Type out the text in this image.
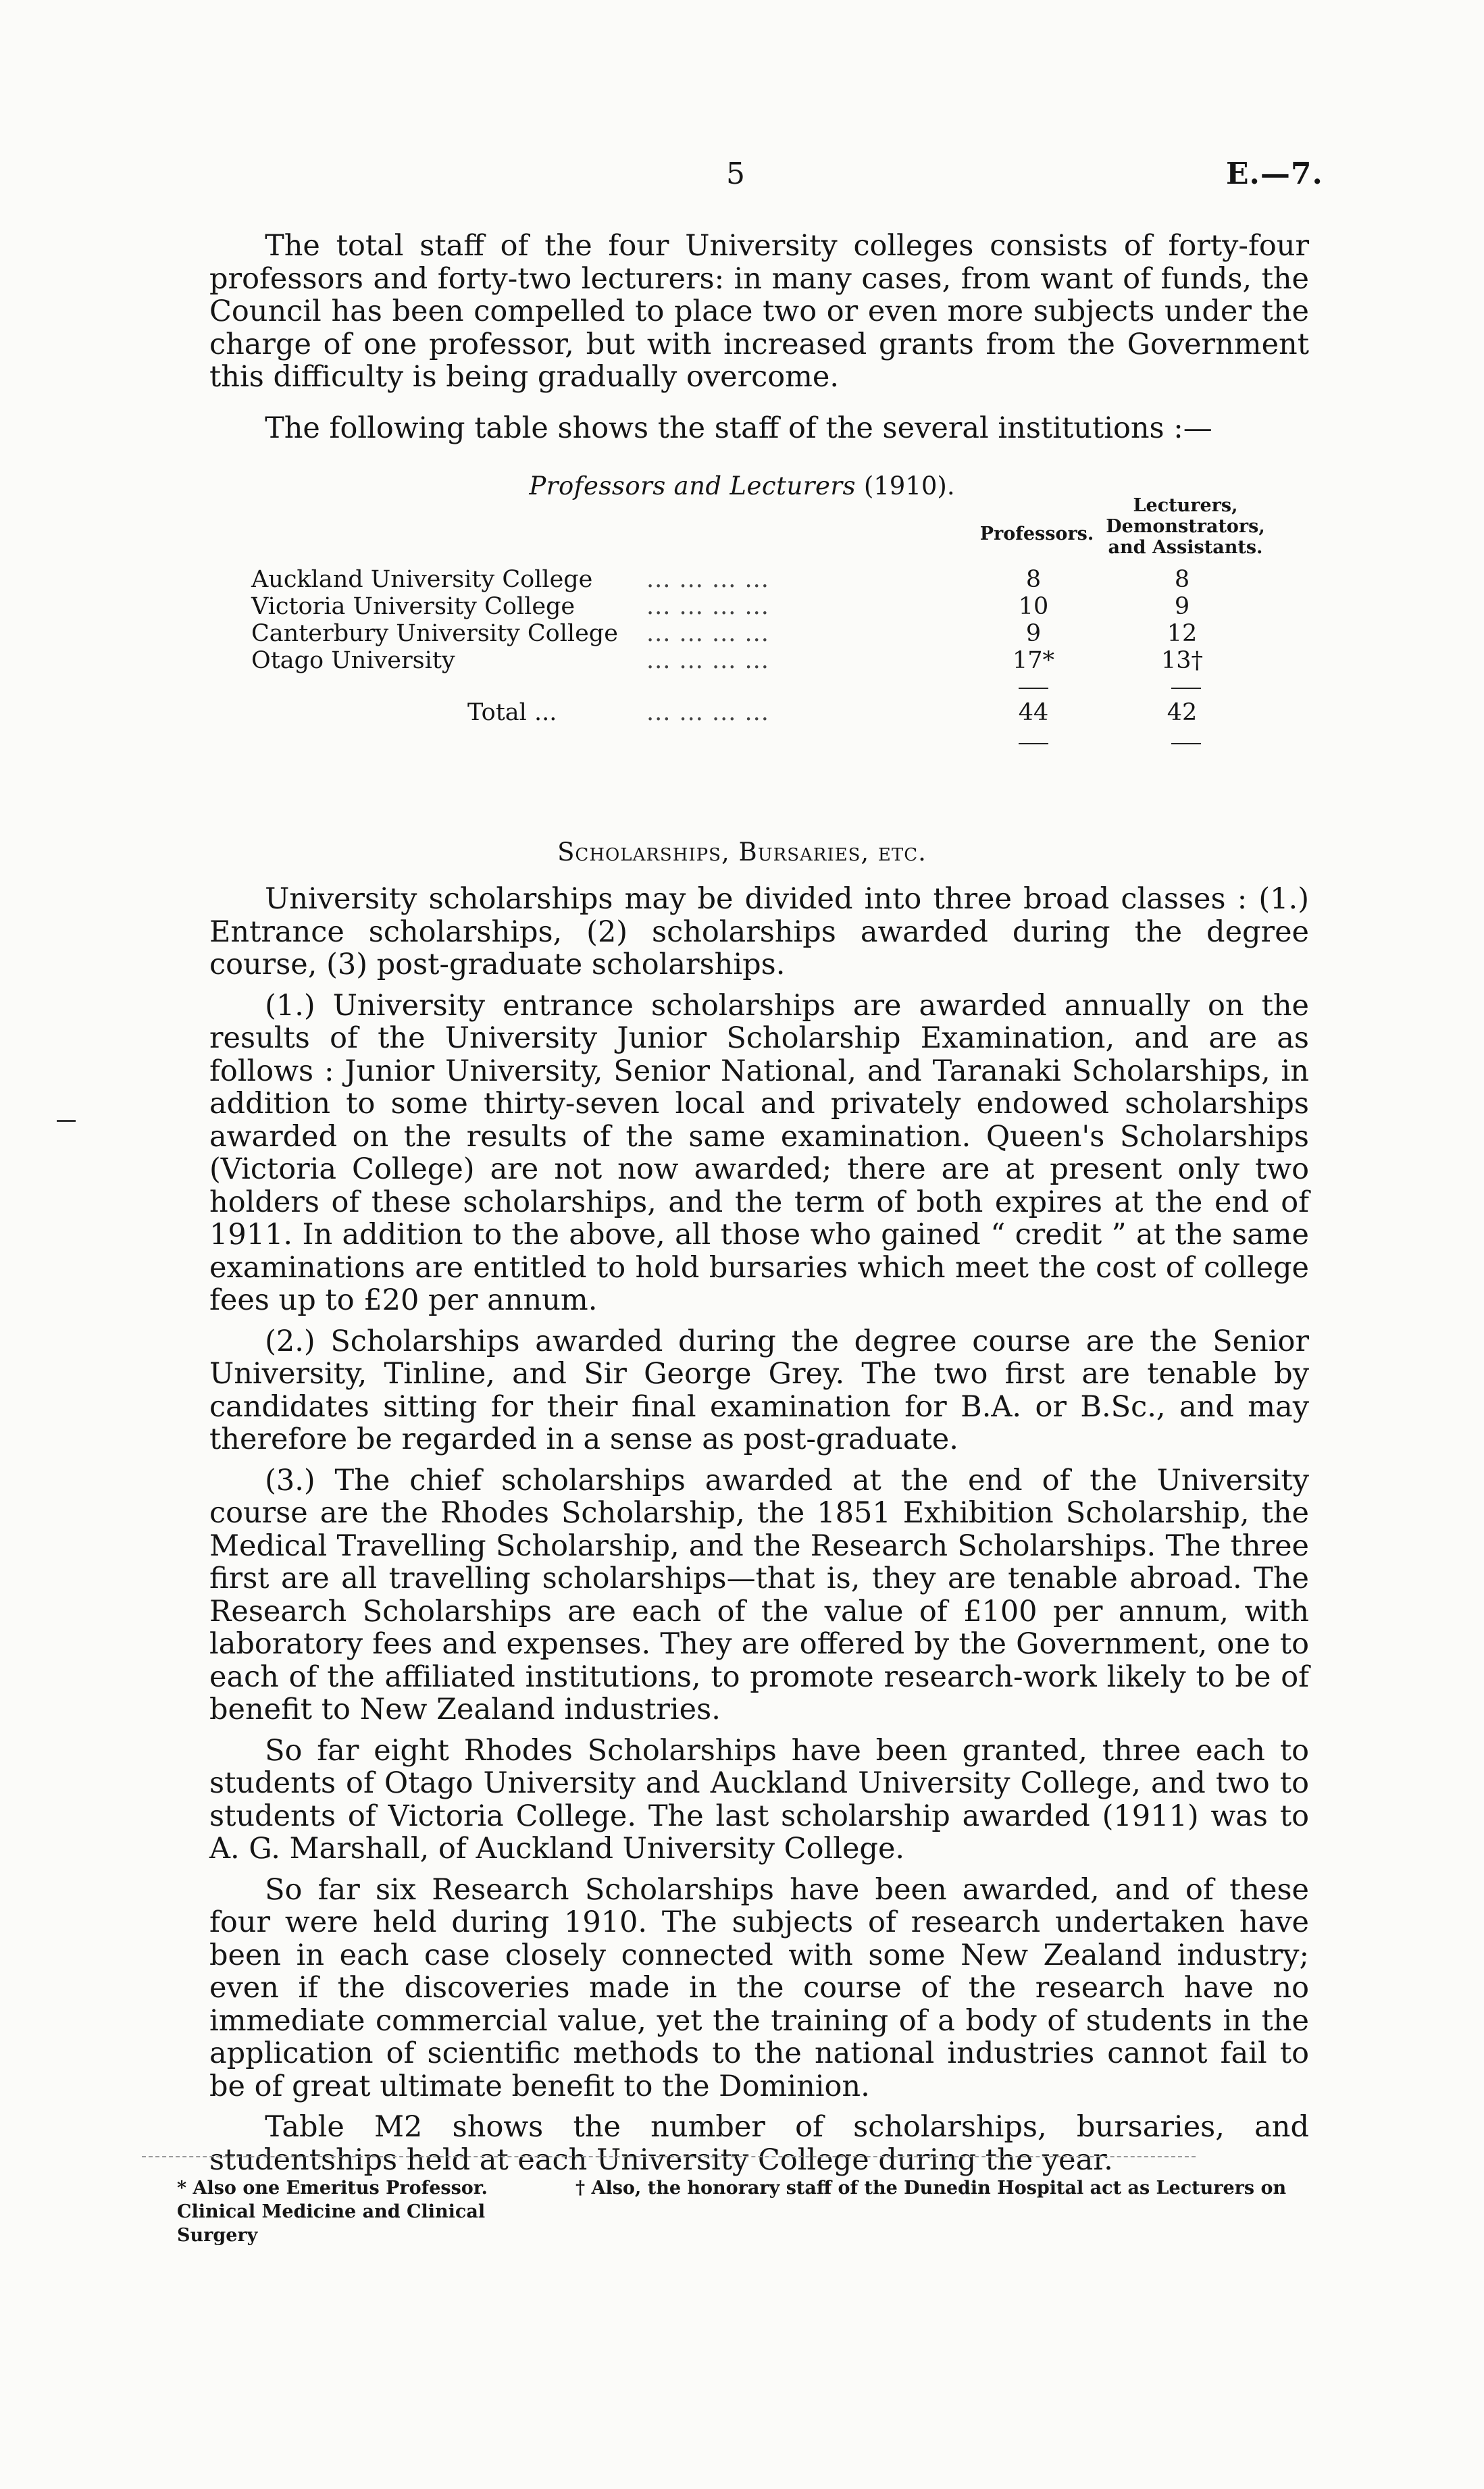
5	E.—7.

The total staff of the four University colleges consists of forty-four professors and forty-two lecturers: in many cases, from want of funds, the Council has been compelled to place two or even more subjects under the charge of one professor, but with increased grants from the Government this difficulty is being gradually overcome.

The following table shows the staff of the several institutions :—

Professors and Lecturers (1910).
Professors.
Lecturers, Demonstrators, and Assistants.
Auckland University College ... ... ... ...	8	8
Victoria University College	... ... ... ...	10	9
Canterbury University College ... ... ... ...	9	12
Otago University	... ... ... ...	17*	13†
Total ...	... ... ... ...	44	42
Scholarships, Bursaries, etc.

University scholarships may be divided into three broad classes : (1.) Entrance scholarships, (2) scholarships awarded during the degree course, (3) post-graduate scholarships.

(1.) University entrance scholarships are awarded annually on the results of the University Junior Scholarship Examination, and are as follows : Junior University, Senior National, and Taranaki Scholarships, in addition to some thirty-seven local and privately endowed scholarships awarded on the results of the same examination. Queen's Scholarships (Victoria College) are not now awarded; there are at present only two holders of these scholarships, and the term of both expires at the end of 1911. In addition to the above, all those who gained “ credit ” at the same examinations are entitled to hold bursaries which meet the cost of college fees up to £20 per annum.

(2.) Scholarships awarded during the degree course are the Senior University, Tinline, and Sir George Grey. The two first are tenable by candidates sitting for their final examination for B.A. or B.Sc., and may therefore be regarded in a sense as post-graduate.

(3.) The chief scholarships awarded at the end of the University course are the Rhodes Scholarship, the 1851 Exhibition Scholarship, the Medical Travelling Scholarship, and the Research Scholarships. The three first are all travelling scholarships—that is, they are tenable abroad. The Research Scholarships are each of the value of £100 per annum, with laboratory fees and expenses. They are offered by the Government, one to each of the affiliated institutions, to promote research-work likely to be of benefit to New Zealand industries.

So far eight Rhodes Scholarships have been granted, three each to students of Otago University and Auckland University College, and two to students of Victoria College. The last scholarship awarded (1911) was to A. G. Marshall, of Auckland University College.

So far six Research Scholarships have been awarded, and of these four were held during 1910. The subjects of research undertaken have been in each case closely connected with some New Zealand industry; even if the discoveries made in the course of the research have no immediate commercial value, yet the training of a body of students in the application of scientific methods to the national industries cannot fail to be of great ultimate benefit to the Dominion.

Table M2 shows the number of scholarships, bursaries, and studentships held at each University College during the year.

* Also one Emeritus Professor. Clinical Medicine and Clinical Surgery
† Also, the honorary staff of the Dunedin Hospital act as Lecturers on
